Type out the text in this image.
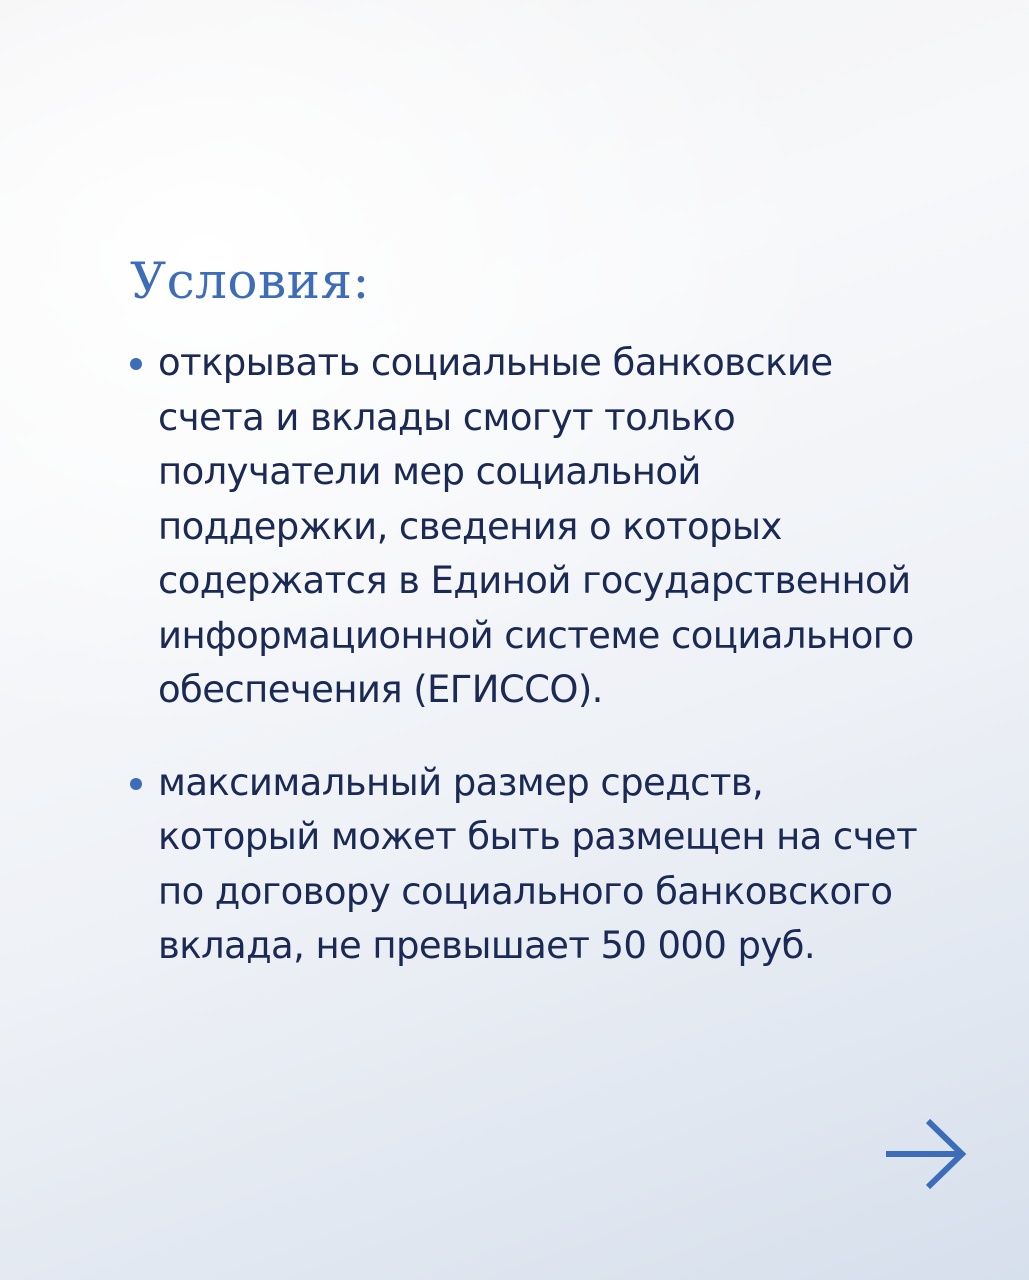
Условия:
открывать социальные банковские
счета и вклады смогут только
получатели мер социальной
поддержки, сведения о которых
содержатся в Единой государственной
информационной системе социального
обеспечения (ЕГИССО).
максимальный размер средств,
который может быть размещен на счет
по договору социального банковского
вклада, не превышает 50 000 руб.
